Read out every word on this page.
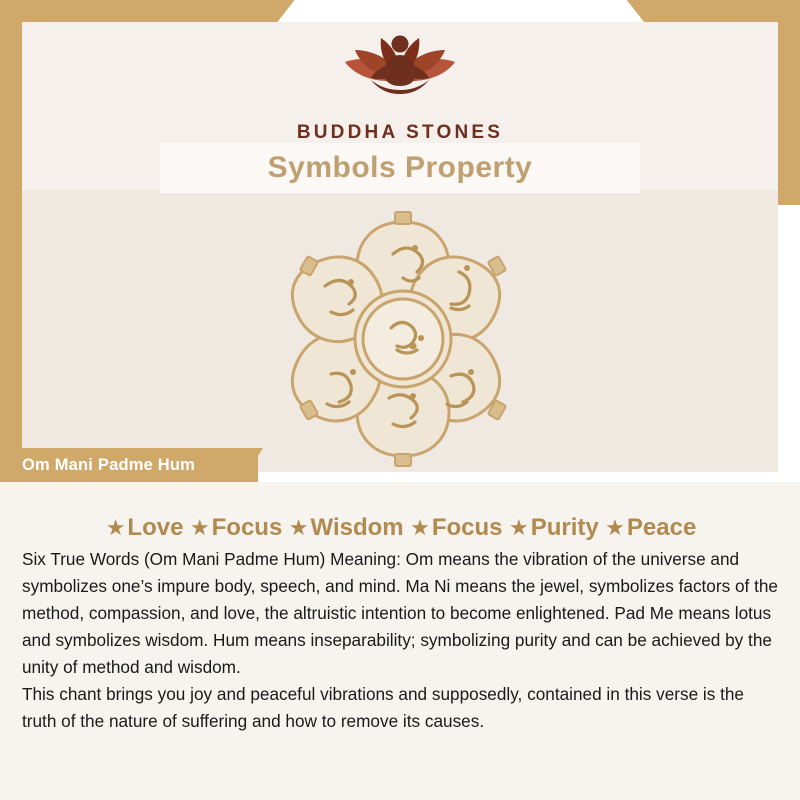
BUDDHA STONES
Symbols Property
Om Mani Padme Hum
★Love ★Focus ★Wisdom ★Focus ★Purity ★Peace

Six True Words (Om Mani Padme Hum) Meaning: Om means the vibration of the universe and symbolizes one’s impure body, speech, and mind. Ma Ni means the jewel, symbolizes factors of the method, compassion, and love, the altruistic intention to become enlightened. Pad Me means lotus and symbolizes wisdom. Hum means inseparability; symbolizing purity and can be achieved by the unity of method and wisdom.

This chant brings you joy and peaceful vibrations and supposedly, contained in this verse is the truth of the nature of suffering and how to remove its causes.
